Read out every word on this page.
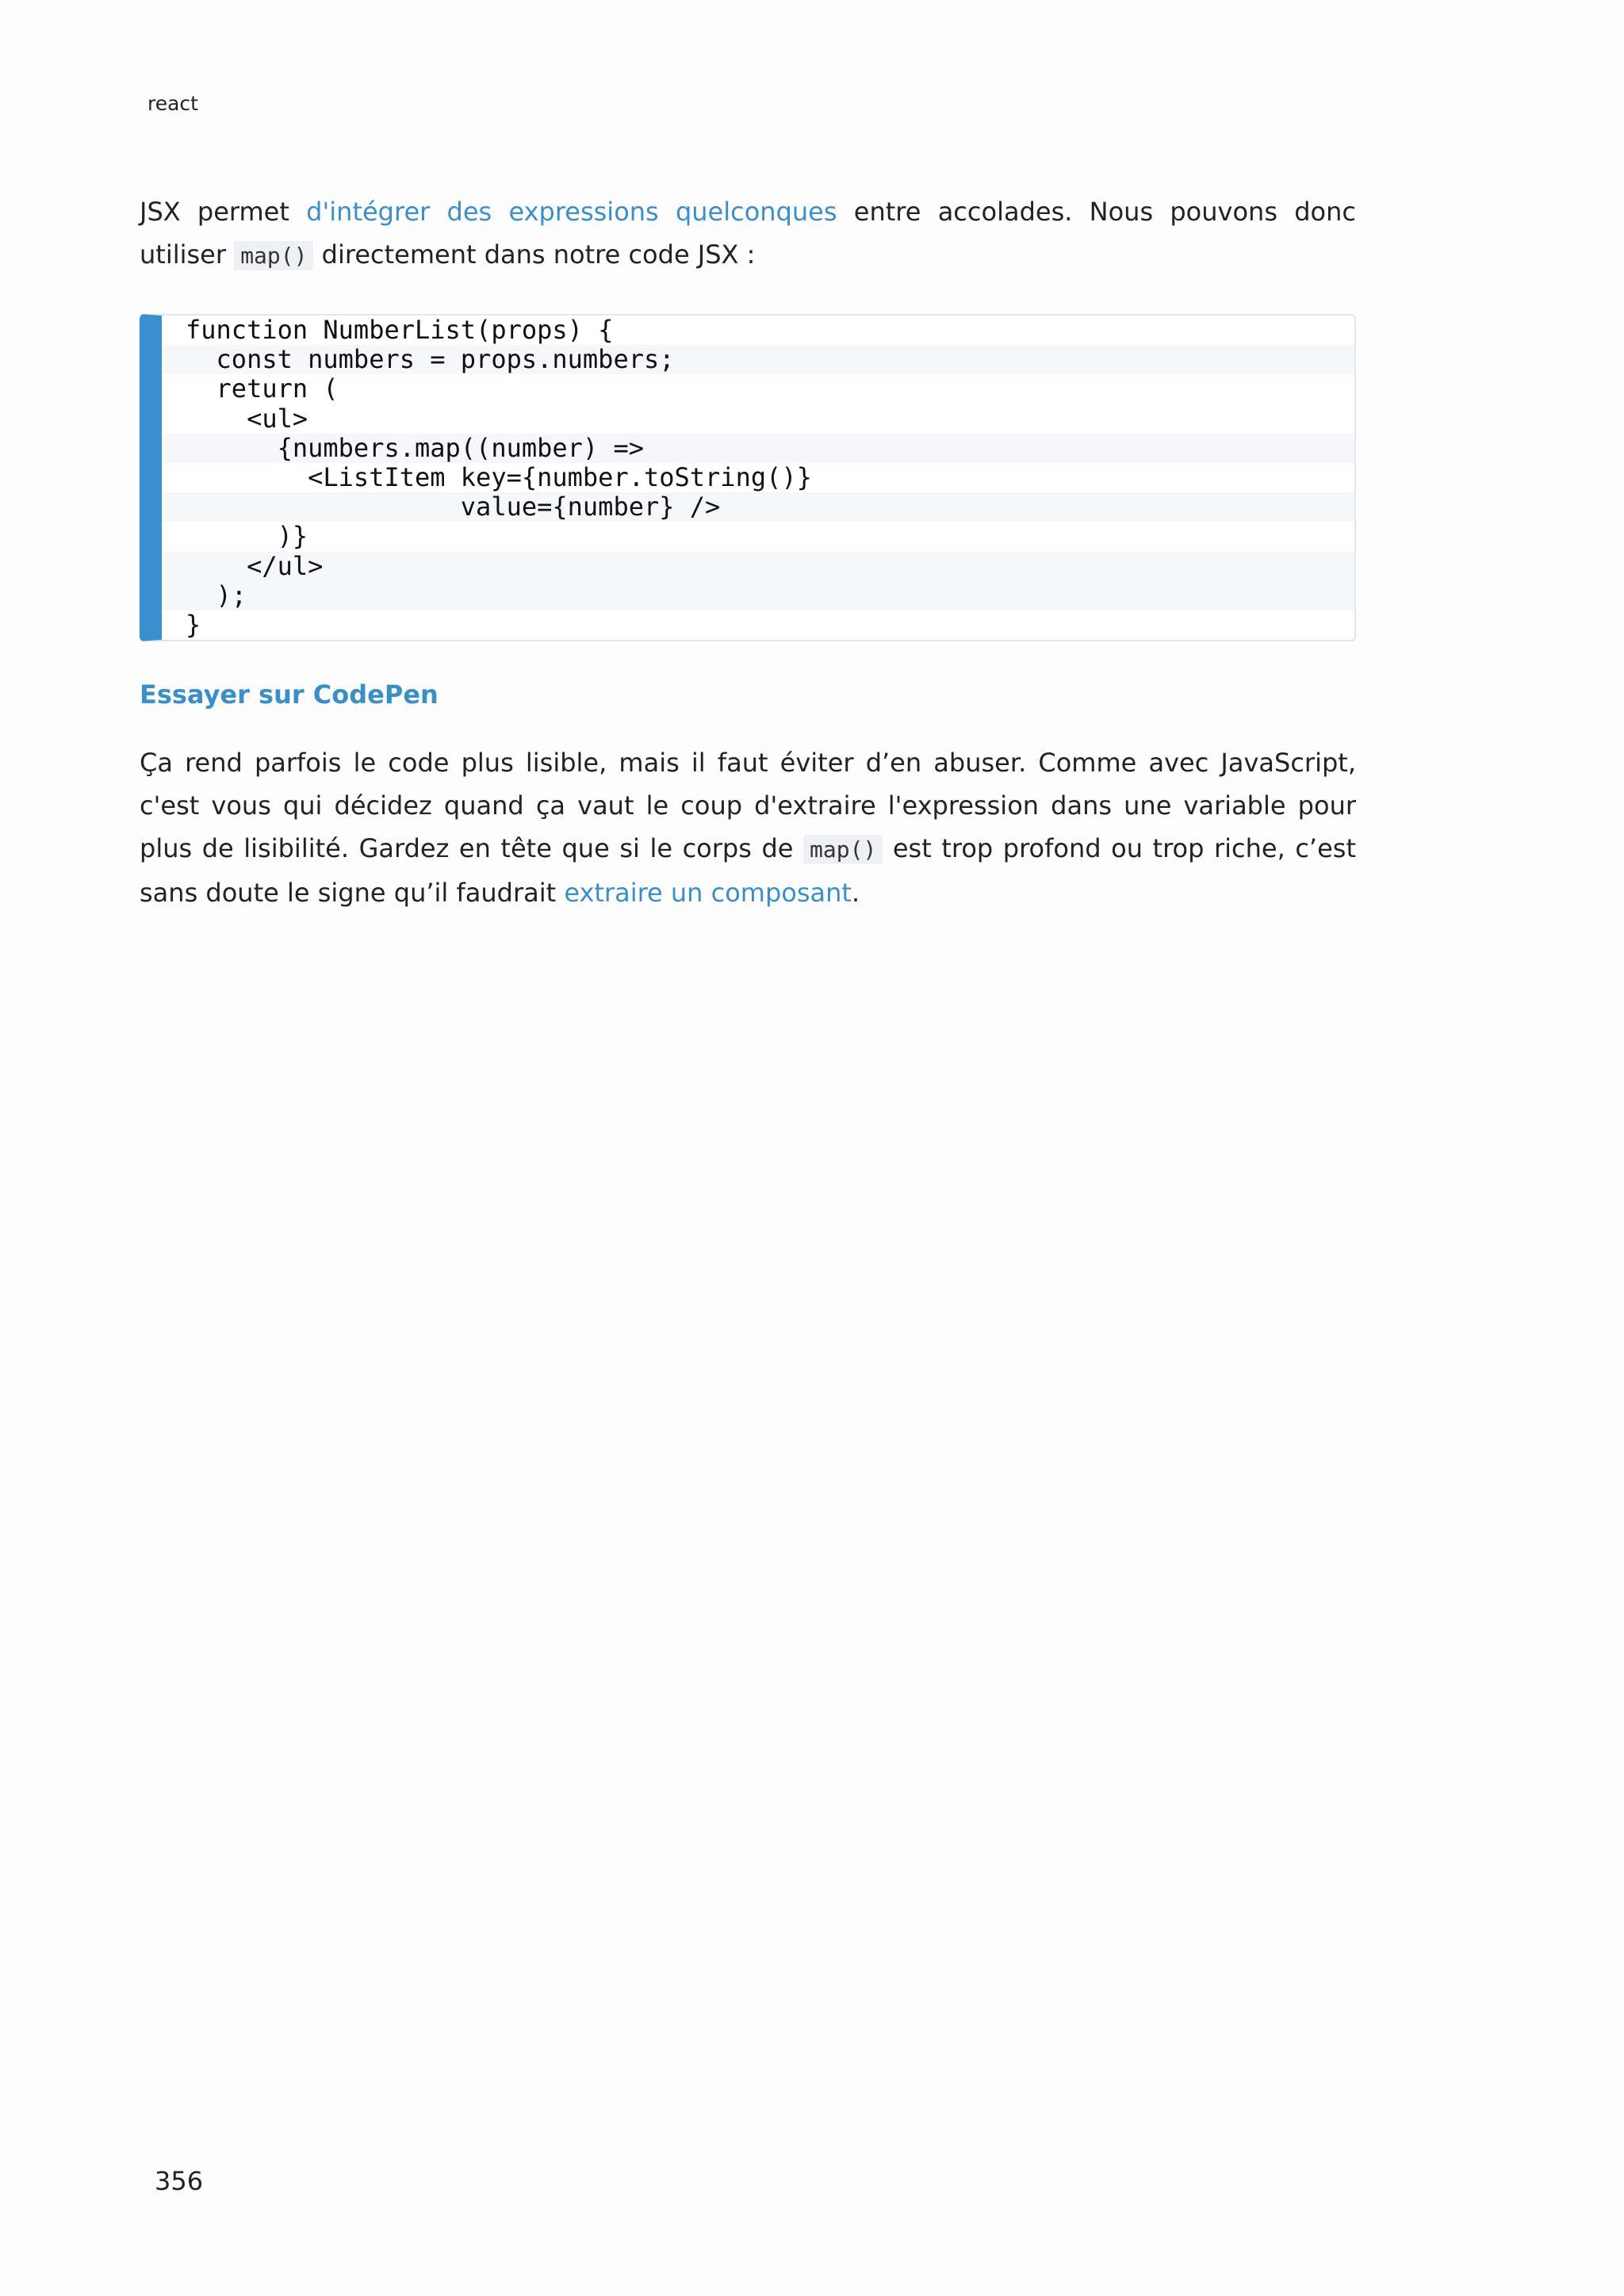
react

JSX permet d'intégrer des expressions quelconques entre accolades. Nous pouvons donc utiliser map() directement dans notre code JSX :

function NumberList(props) {
const numbers = props.numbers;
return (
<ul>
{numbers.map((number) =>
<ListItem key={number.toString()}
value={number} />
)}
</ul>
);
}
Essayer sur CodePen

Ça rend parfois le code plus lisible, mais il faut éviter d’en abuser. Comme avec JavaScript, c'est vous qui décidez quand ça vaut le coup d'extraire l'expression dans une variable pour plus de lisibilité. Gardez en tête que si le corps de map() est trop profond ou trop riche, c’est sans doute le signe qu’il faudrait extraire un composant.

356
